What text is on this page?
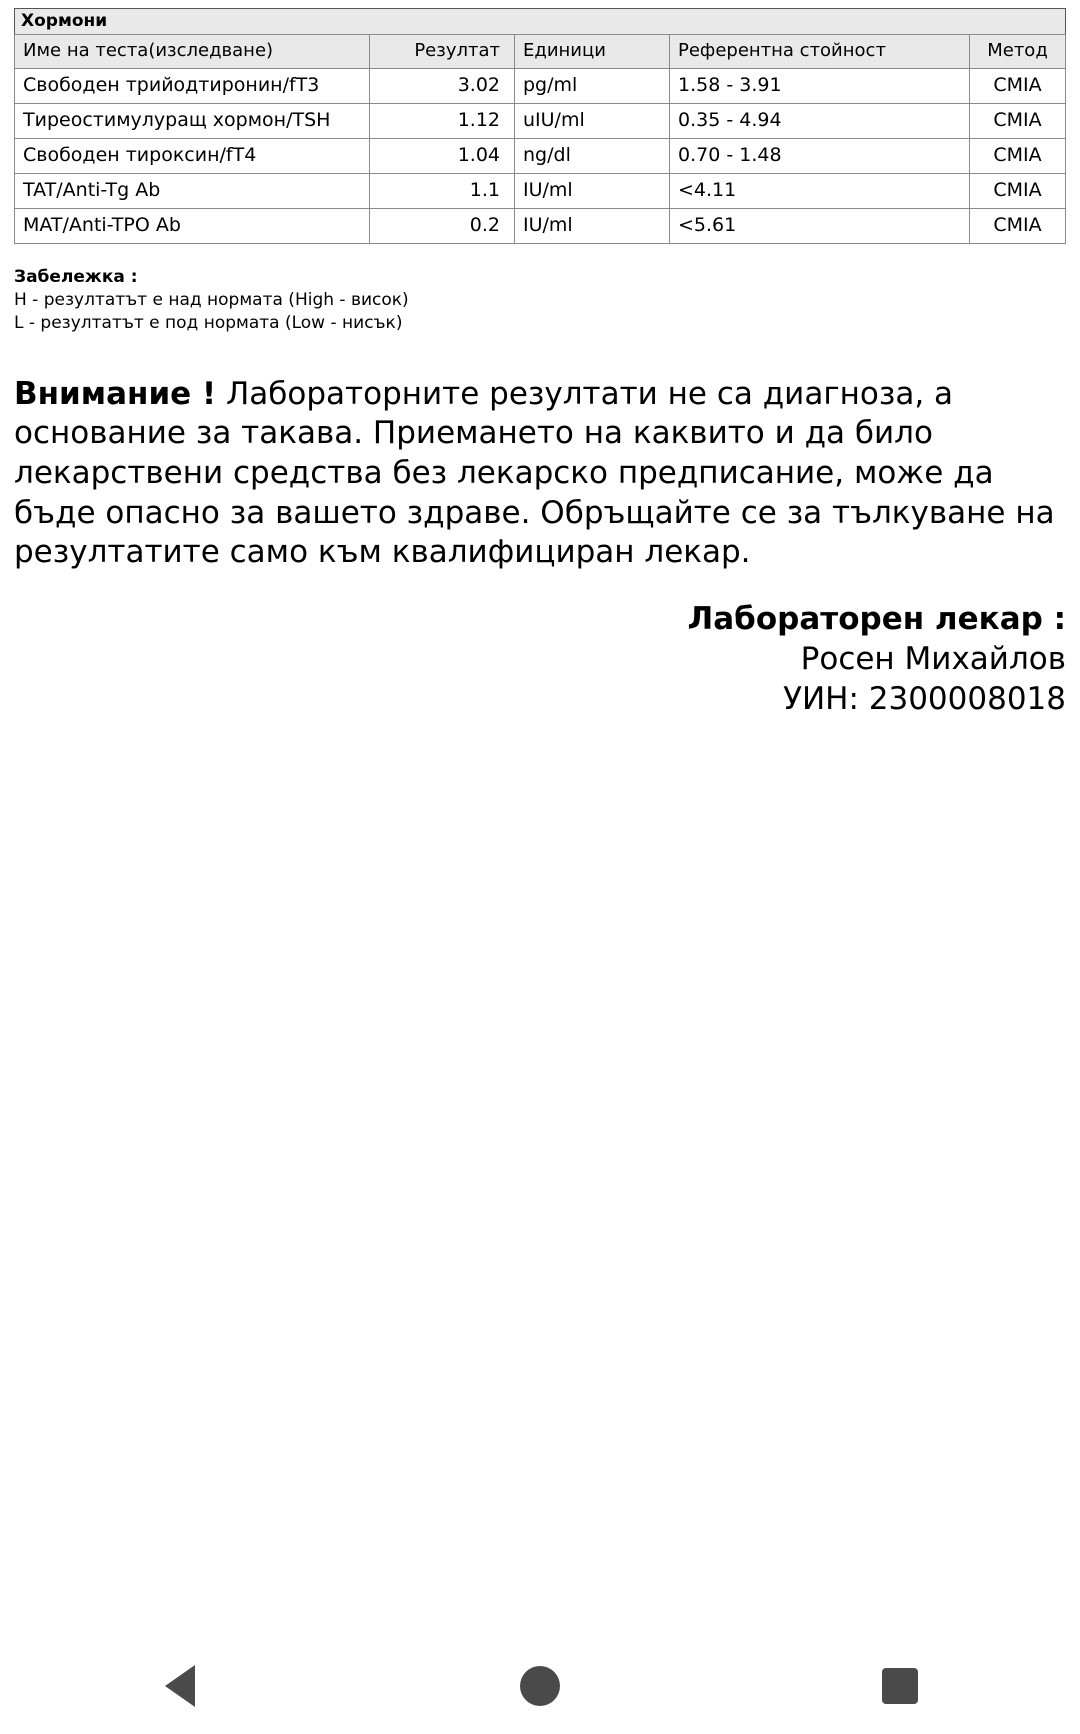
Хормони
Име на теста(изследване)	Резултат	Единици	Референтна стойност	Метод
Свободен трийодтиронин/fT3	3.02	pg/ml	1.58 - 3.91	CMIA
Тиреостимулуращ хормон/TSH	1.12	uIU/ml	0.35 - 4.94	CMIA
Свободен тироксин/fT4	1.04	ng/dl	0.70 - 1.48	CMIA
TAT/Anti-Tg Ab	1.1	IU/ml	<4.11	CMIA
MAT/Anti-TPO Ab	0.2	IU/ml	<5.61	CMIA
Забележка :
H - резултатът е над нормата (High - висок)
L - резултатът е под нормата (Low - нисък)
Внимание ! Лабораторните резултати не са диагноза, а основание за такава. Приемането на каквито и да било лекарствени средства без лекарско предписание, може да бъде опасно за вашето здраве. Обръщайте се за тълкуване на резултатите само към квалифициран лекар.
Лабораторен лекар :
Росен Михайлов
УИН: 2300008018
